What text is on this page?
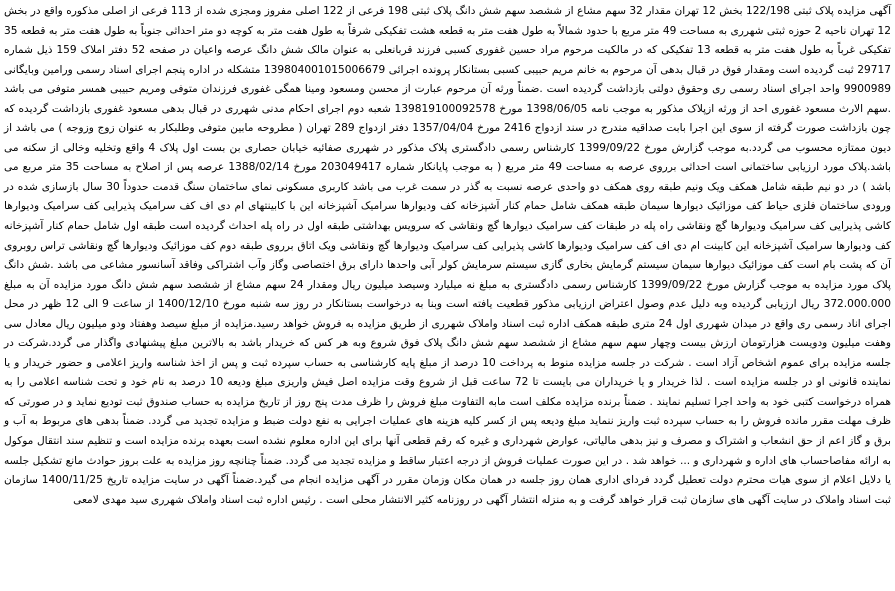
آگهی مزایده پلاک ثبتی 122/198 بخش 12 تهران مقدار 32 سهم مشاع از ششصد سهم شش دانگ پلاک ثبتی 198 فرعی از 122 اصلی مفروز ومجزی شده از 113 فرعی از اصلی مذکوره واقع در بخش 12 تهران ناحیه 2 حوزه ثبتی شهرری به مساحت 49 متر مربع با حدود شمالاً به طول هفت متر به قطعه هشت تفکیکی شرقاً به طول هفت متر به کوچه دو متر احداثی جنوباً به طول هفت متر به قطعه 35 تفکیکی غرباً به طول هفت متر به قطعه 13 تفکیکی که در مالکیت مرحوم مراد حسین غفوری کسبی فرزند قربانعلی به عنوان مالک شش دانگ عرصه واعیان در صفحه 52 دفتر املاک 159 ذیل شماره 29717 ثبت گردیده است ومقدار فوق در قبال بدهی آن مرحوم به خانم مریم حبیبی کسبی بستانکار پرونده اجرائی 139804001015006679 متشکله در اداره پنجم اجرای اسناد رسمی ورامین وبایگانی 9900989 واحد اجرای اسناد رسمی ری وحقوق دولتی بازداشت گردیده است .ضمناً ورثه آن مرحوم عبارت از محسن ومسعود ومینا همگی غفوری فرزندان متوفی ومریم حبیبی همسر متوفی می باشد .سهم الارث مسعود غفوری احد از ورثه ازپلاک مذکور به موجب نامه 1398/06/05 مورخ 139819100092578 شعبه دوم اجرای احکام مدنی شهرری در قبال بدهی مسعود غفوری بازداشت گردیده که چون بازداشت صورت گرفته از سوی این اجرا بابت صداقیه مندرج در سند ازدواج 2416 مورخ 1357/04/04 دفتر ازدواج 289 تهران ( مطروحه مابین متوفی وطلبکار به عنوان زوج وزوجه ) می باشد از دیون ممتازه محسوب می گردد.به موجب گزارش مورخ 1399/09/22 کارشناس رسمی دادگستری پلاک مذکور در شهرری صفائیه خیابان حصاری بن بست اول پلاک 4 واقع وتخلیه وخالی از سکنه می باشد.پلاک مورد ارزیابی ساختمانی است احداثی برروی عرصه به مساحت 49 متر مربع ( به موجب پایانکار شماره 203049417 مورخ 1388/02/14 عرصه پس از اصلاح به مساحت 35 متر مربع می باشد ) در دو نیم طبقه شامل همکف ویک ونیم طبقه روی همکف دو واحدی عرصه نسبت به گذر در سمت غرب می باشد کاربری مسکونی نمای ساختمان سنگ قدمت حدوداً 30 سال بازسازی شده در ورودی ساختمان فلزی حیاط کف موزائیک دیوارها سیمان طبقه همکف شامل حمام کنار آشپزخانه کف ودیوارها سرامیک آشپزخانه این با کابینتهای ام دی اف کف سرامیک پذیرایی کف سرامیک ودیوارها کاشی پذیرایی کف سرامیک ودیوارها گچ ونقاشی راه پله در طبقات کف سرامیک دیوارها گچ ونقاشی که سرویس بهداشتی طبقه اول در راه پله احداث گردیده است طبقه اول شامل حمام کنار آشپزخانه کف ودیوارها سرامیک آشپزخانه این کابینت ام دی اف کف سرامیک ودیوارها کاشی پذیرایی کف سرامیک ودیوارها گچ ونقاشی ویک اتاق برروی طبقه دوم کف موزائیک ودیوارها گچ ونقاشی تراس روبروی آن که پشت بام است کف موزائیک دیوارها سیمان سیستم گرمایش بخاری گازی سیستم سرمایش کولر آبی واحدها دارای برق اختصاصی وگاز وآب اشتراکی وفاقد آسانسور مشاعی می باشد .شش دانگ پلاک مورد مزایده به موجب گزارش مورخ 1399/09/22 کارشناس رسمی دادگستری به مبلغ نه میلیارد وسیصد میلیون ریال ومقدار 24 سهم مشاع از ششصد سهم شش دانگ مورد مزایده آن به مبلغ 372.000.000 ریال ارزیابی گردیده وبه دلیل عدم وصول اعتراض ارزیابی مذکور قطعیت یافته است وبنا به درخواست بستانکار در روز سه شنبه مورخ 1400/12/10 از ساعت 9 الی 12 ظهر در محل اجرای اناد رسمی ری واقع در میدان شهرری اول 24 متری طبقه همکف اداره ثبت اسناد واملاک شهرری از طریق مزایده به فروش خواهد رسید.مزایده از مبلغ سیصد وهفتاد ودو میلیون ریال معادل سی وهفت میلیون ودویست هزارتومان ارزش بیست وچهار سهم سهم مشاع از ششصد سهم شش دانگ پلاک فوق شروع وبه هر کس که خریدار باشد به بالاترین مبلغ پیشنهادی واگذار می گردد.شرکت در جلسه مزایده برای عموم اشخاص آزاد است . شرکت در جلسه مزایده منوط به پرداخت 10 درصد از مبلغ پایه کارشناسی به حساب سپرده ثبت و پس از اخذ شناسه واریز اعلامی و حضور خریدار و یا نماینده قانونی او در جلسه مزایده است . لذا خریدار و یا خریداران می بایست تا 72 ساعت قبل از شروع وقت مزایده اصل فیش واریزی مبلغ ودیعه 10 درصد به نام خود و تحت شناسه اعلامی را به همراه درخواست کتبی خود به واحد اجرا تسلیم نمایند . ضمناً برنده مزایده مکلف است مابه التفاوت مبلغ فروش را ظرف مدت پنج روز از تاریخ مزایده به حساب صندوق ثبت تودیع نماید و در صورتی که ظرف مهلت مقرر مانده فروش را به حساب سپرده ثبت واریز ننماید مبلغ ودیعه پس از کسر کلیه هزینه های عملیات اجرایی به نفع دولت ضبط و مزایده تجدید می گردد. ضمناً بدهی های مربوط به آب و برق و گاز اعم از حق انشعاب و اشتراک و مصرف و نیز بدهی مالیاتی، عوارض شهرداری و غیره که رقم قطعی آنها برای این اداره معلوم نشده است بعهده برنده مزایده است و تنظیم سند انتقال موکول به ارائه مفاصاحساب های اداره و شهرداری و ... خواهد شد . در این صورت عملیات فروش از درجه اعتبار ساقط و مزایده تجدید می گردد. ضمناً چنانچه روز مزایده به علت بروز حوادث مانع تشکیل جلسه یا دلایل اعلام از سوی هیات محترم دولت تعطیل گردد فردای اداری همان روز جلسه در همان مکان وزمان مقرر در آگهی مزایده انجام می گیرد.ضمناً آگهی در سایت مزایده تاریخ 1400/11/25 سازمان ثبت اسناد واملاک در سایت آگهی های سازمان ثبت قرار خواهد گرفت و به منزله انتشار آگهی در روزنامه کثیر الانتشار محلی است . رئیس اداره ثبت اسناد واملاک شهرری سید مهدی لامعی
